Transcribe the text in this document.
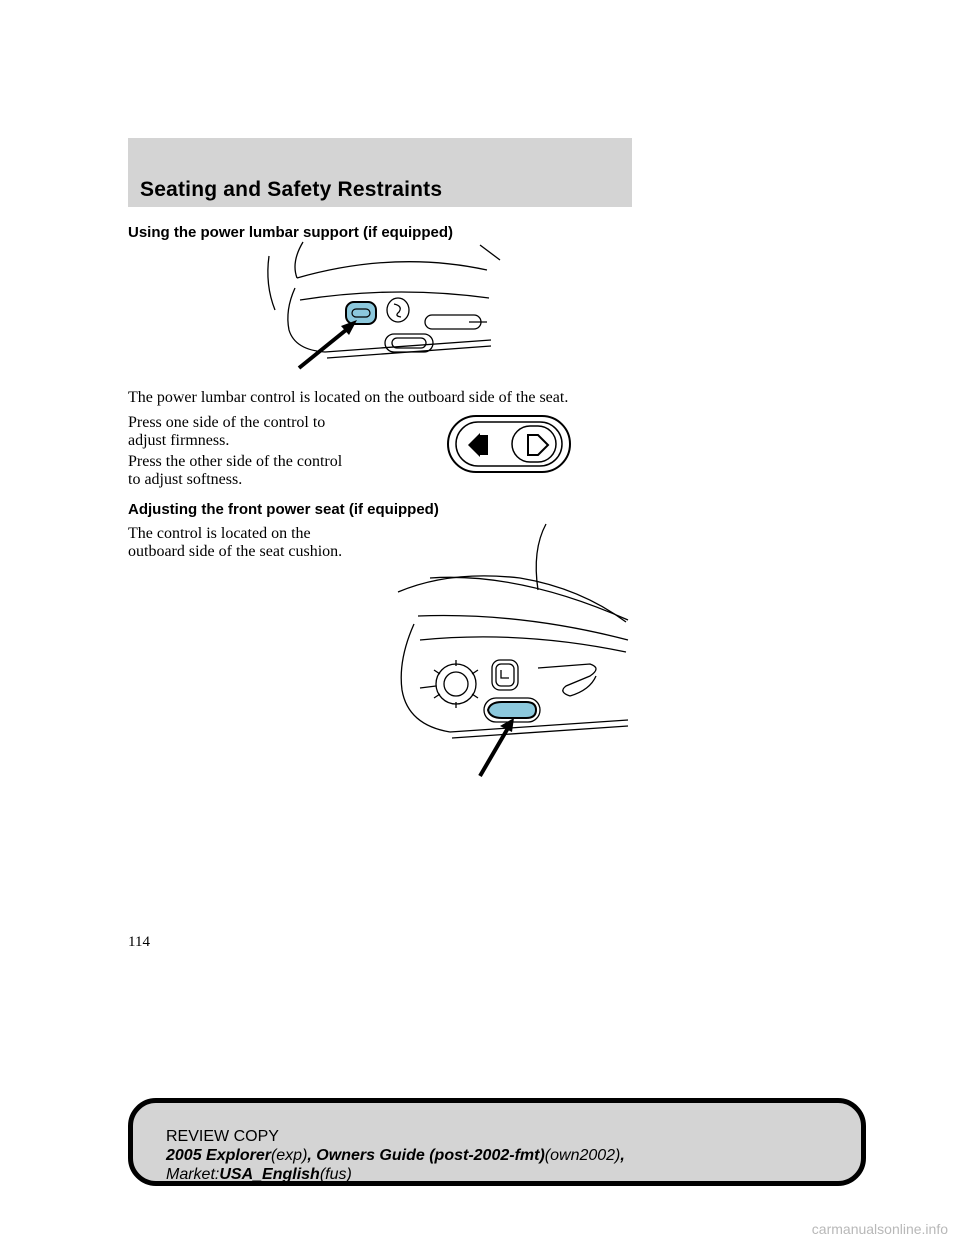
Seating and Safety Restraints
Using the power lumbar support (if equipped)
The power lumbar control is located on the outboard side of the seat.
Press one side of the control to
adjust firmness.
Press the other side of the control
to adjust softness.
Adjusting the front power seat (if equipped)
The control is located on the
outboard side of the seat cushion.
114
REVIEW COPY
2005 Explorer(exp), Owners Guide (post-2002-fmt)(own2002),
Market:USA_English(fus)
carmanualsonline.info
